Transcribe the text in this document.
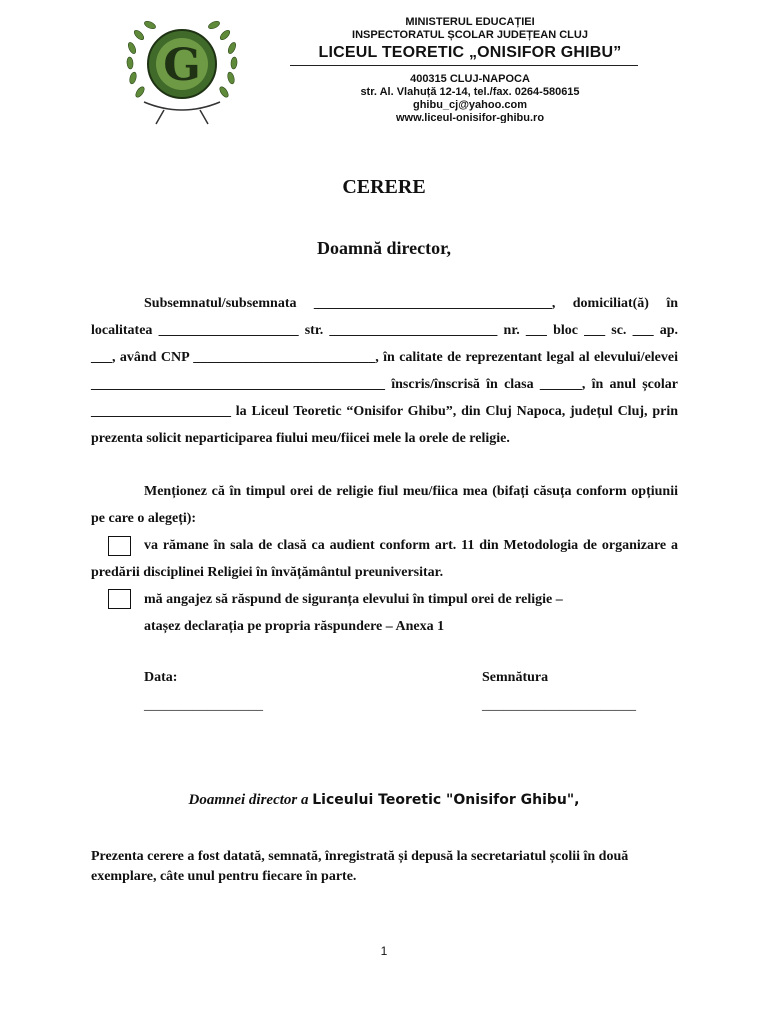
G
MINISTERUL EDUCAȚIEI
INSPECTORATUL ȘCOLAR JUDEȚEAN CLUJ
LICEUL TEORETIC „ONISIFOR GHIBU”
400315 CLUJ-NAPOCA
str. Al. Vlahuță 12-14, tel./fax. 0264-580615
ghibu_cj@yahoo.com
www.liceul-onisifor-ghibu.ro
CERERE
Doamnă director,
Subsemnatul/subsemnata __________________________________, domiciliat(ă) în localitatea ____________________ str. ________________________ nr. ___ bloc ___ sc. ___ ap. ___, având CNP __________________________, în calitate de reprezentant legal al elevului/elevei __________________________________________ înscris/înscrisă în clasa ______, în anul școlar ____________________ la Liceul Teoretic “Onisifor Ghibu”, din Cluj Napoca, județul Cluj, prin prezenta solicit neparticiparea fiului meu/fiicei mele la orele de religie.
Menționez că în timpul orei de religie fiul meu/fiica mea (bifați căsuța conform opțiunii pe care o alegeți):
va rămane în sala de clasă ca audient conform art. 11 din Metodologia de organizare a predării disciplinei Religiei în învățământul preuniversitar.
mă angajez să răspund de siguranța elevului în timpul orei de religie –
atașez declarația pe propria răspundere – Anexa 1
Data:
_________________
Semnătura
______________________
Doamnei director a Liceului Teoretic "Onisifor Ghibu",
Prezenta cerere a fost datată, semnată, înregistrată și depusă la secretariatul școlii în două exemplare, câte unul pentru fiecare în parte.
1
